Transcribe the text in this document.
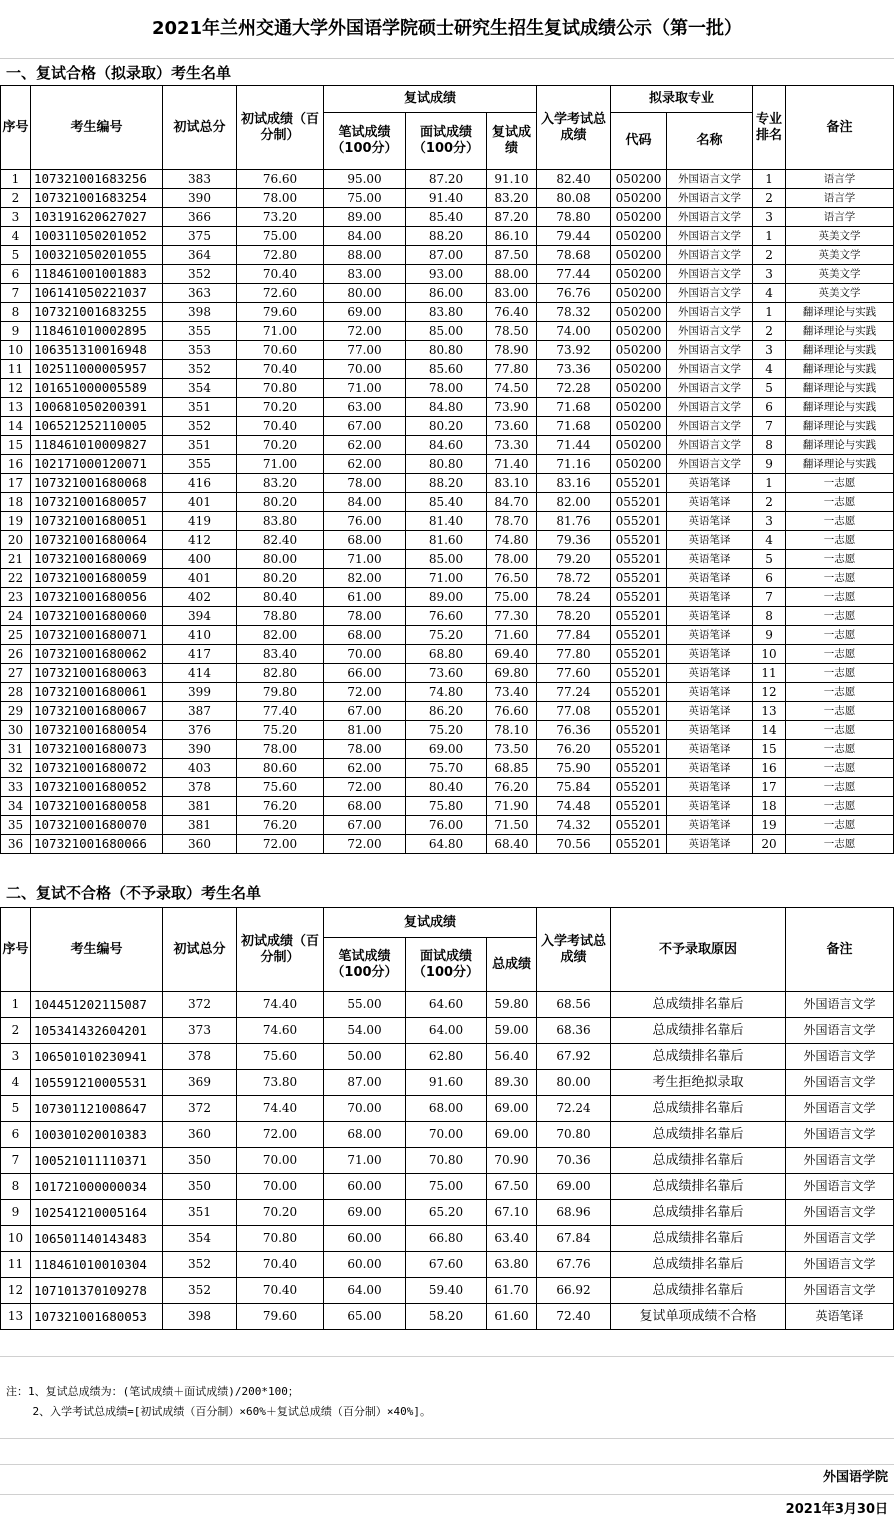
2021年兰州交通大学外国语学院硕士研究生招生复试成绩公示（第一批）
一、复试合格（拟录取）考生名单
序号	考生编号	初试总分	初试成绩（百分制）	复试成绩			入学考试总成绩	拟录取专业		专业排名	备注
				笔试成绩（100分）	面试成绩（100分）	复试成绩		代码	名称		
1	107321001683256	383	76.60	95.00	87.20	91.10	82.40	050200	外国语言文学	1	语言学
2	107321001683254	390	78.00	75.00	91.40	83.20	80.08	050200	外国语言文学	2	语言学
3	103191620627027	366	73.20	89.00	85.40	87.20	78.80	050200	外国语言文学	3	语言学
4	100311050201052	375	75.00	84.00	88.20	86.10	79.44	050200	外国语言文学	1	英美文学
5	100321050201055	364	72.80	88.00	87.00	87.50	78.68	050200	外国语言文学	2	英美文学
6	118461001001883	352	70.40	83.00	93.00	88.00	77.44	050200	外国语言文学	3	英美文学
7	106141050221037	363	72.60	80.00	86.00	83.00	76.76	050200	外国语言文学	4	英美文学
8	107321001683255	398	79.60	69.00	83.80	76.40	78.32	050200	外国语言文学	1	翻译理论与实践
9	118461010002895	355	71.00	72.00	85.00	78.50	74.00	050200	外国语言文学	2	翻译理论与实践
10	106351310016948	353	70.60	77.00	80.80	78.90	73.92	050200	外国语言文学	3	翻译理论与实践
11	102511000005957	352	70.40	70.00	85.60	77.80	73.36	050200	外国语言文学	4	翻译理论与实践
12	101651000005589	354	70.80	71.00	78.00	74.50	72.28	050200	外国语言文学	5	翻译理论与实践
13	100681050200391	351	70.20	63.00	84.80	73.90	71.68	050200	外国语言文学	6	翻译理论与实践
14	106521252110005	352	70.40	67.00	80.20	73.60	71.68	050200	外国语言文学	7	翻译理论与实践
15	118461010009827	351	70.20	62.00	84.60	73.30	71.44	050200	外国语言文学	8	翻译理论与实践
16	102171000120071	355	71.00	62.00	80.80	71.40	71.16	050200	外国语言文学	9	翻译理论与实践
17	107321001680068	416	83.20	78.00	88.20	83.10	83.16	055201	英语笔译	1	一志愿
18	107321001680057	401	80.20	84.00	85.40	84.70	82.00	055201	英语笔译	2	一志愿
19	107321001680051	419	83.80	76.00	81.40	78.70	81.76	055201	英语笔译	3	一志愿
20	107321001680064	412	82.40	68.00	81.60	74.80	79.36	055201	英语笔译	4	一志愿
21	107321001680069	400	80.00	71.00	85.00	78.00	79.20	055201	英语笔译	5	一志愿
22	107321001680059	401	80.20	82.00	71.00	76.50	78.72	055201	英语笔译	6	一志愿
23	107321001680056	402	80.40	61.00	89.00	75.00	78.24	055201	英语笔译	7	一志愿
24	107321001680060	394	78.80	78.00	76.60	77.30	78.20	055201	英语笔译	8	一志愿
25	107321001680071	410	82.00	68.00	75.20	71.60	77.84	055201	英语笔译	9	一志愿
26	107321001680062	417	83.40	70.00	68.80	69.40	77.80	055201	英语笔译	10	一志愿
27	107321001680063	414	82.80	66.00	73.60	69.80	77.60	055201	英语笔译	11	一志愿
28	107321001680061	399	79.80	72.00	74.80	73.40	77.24	055201	英语笔译	12	一志愿
29	107321001680067	387	77.40	67.00	86.20	76.60	77.08	055201	英语笔译	13	一志愿
30	107321001680054	376	75.20	81.00	75.20	78.10	76.36	055201	英语笔译	14	一志愿
31	107321001680073	390	78.00	78.00	69.00	73.50	76.20	055201	英语笔译	15	一志愿
32	107321001680072	403	80.60	62.00	75.70	68.85	75.90	055201	英语笔译	16	一志愿
33	107321001680052	378	75.60	72.00	80.40	76.20	75.84	055201	英语笔译	17	一志愿
34	107321001680058	381	76.20	68.00	75.80	71.90	74.48	055201	英语笔译	18	一志愿
35	107321001680070	381	76.20	67.00	76.00	71.50	74.32	055201	英语笔译	19	一志愿
36	107321001680066	360	72.00	72.00	64.80	68.40	70.56	055201	英语笔译	20	一志愿
二、复试不合格（不予录取）考生名单
序号	考生编号	初试总分	初试成绩（百分制）	复试成绩			入学考试总成绩	不予录取原因	备注
				笔试成绩（100分）	面试成绩（100分）	总成绩			
1	104451202115087	372	74.40	55.00	64.60	59.80	68.56	总成绩排名靠后	外国语言文学
2	105341432604201	373	74.60	54.00	64.00	59.00	68.36	总成绩排名靠后	外国语言文学
3	106501010230941	378	75.60	50.00	62.80	56.40	67.92	总成绩排名靠后	外国语言文学
4	105591210005531	369	73.80	87.00	91.60	89.30	80.00	考生拒绝拟录取	外国语言文学
5	107301121008647	372	74.40	70.00	68.00	69.00	72.24	总成绩排名靠后	外国语言文学
6	100301020010383	360	72.00	68.00	70.00	69.00	70.80	总成绩排名靠后	外国语言文学
7	100521011110371	350	70.00	71.00	70.80	70.90	70.36	总成绩排名靠后	外国语言文学
8	101721000000034	350	70.00	60.00	75.00	67.50	69.00	总成绩排名靠后	外国语言文学
9	102541210005164	351	70.20	69.00	65.20	67.10	68.96	总成绩排名靠后	外国语言文学
10	106501140143483	354	70.80	60.00	66.80	63.40	67.84	总成绩排名靠后	外国语言文学
11	118461010010304	352	70.40	60.00	67.60	63.80	67.76	总成绩排名靠后	外国语言文学
12	107101370109278	352	70.40	64.00	59.40	61.70	66.92	总成绩排名靠后	外国语言文学
13	107321001680053	398	79.60	65.00	58.20	61.60	72.40	复试单项成绩不合格	英语笔译
注：1、复试总成绩为：(笔试成绩＋面试成绩)/200*100；
2、入学考试总成绩=[初试成绩（百分制）×60%＋复试总成绩（百分制）×40%]。
外国语学院
2021年3月30日
